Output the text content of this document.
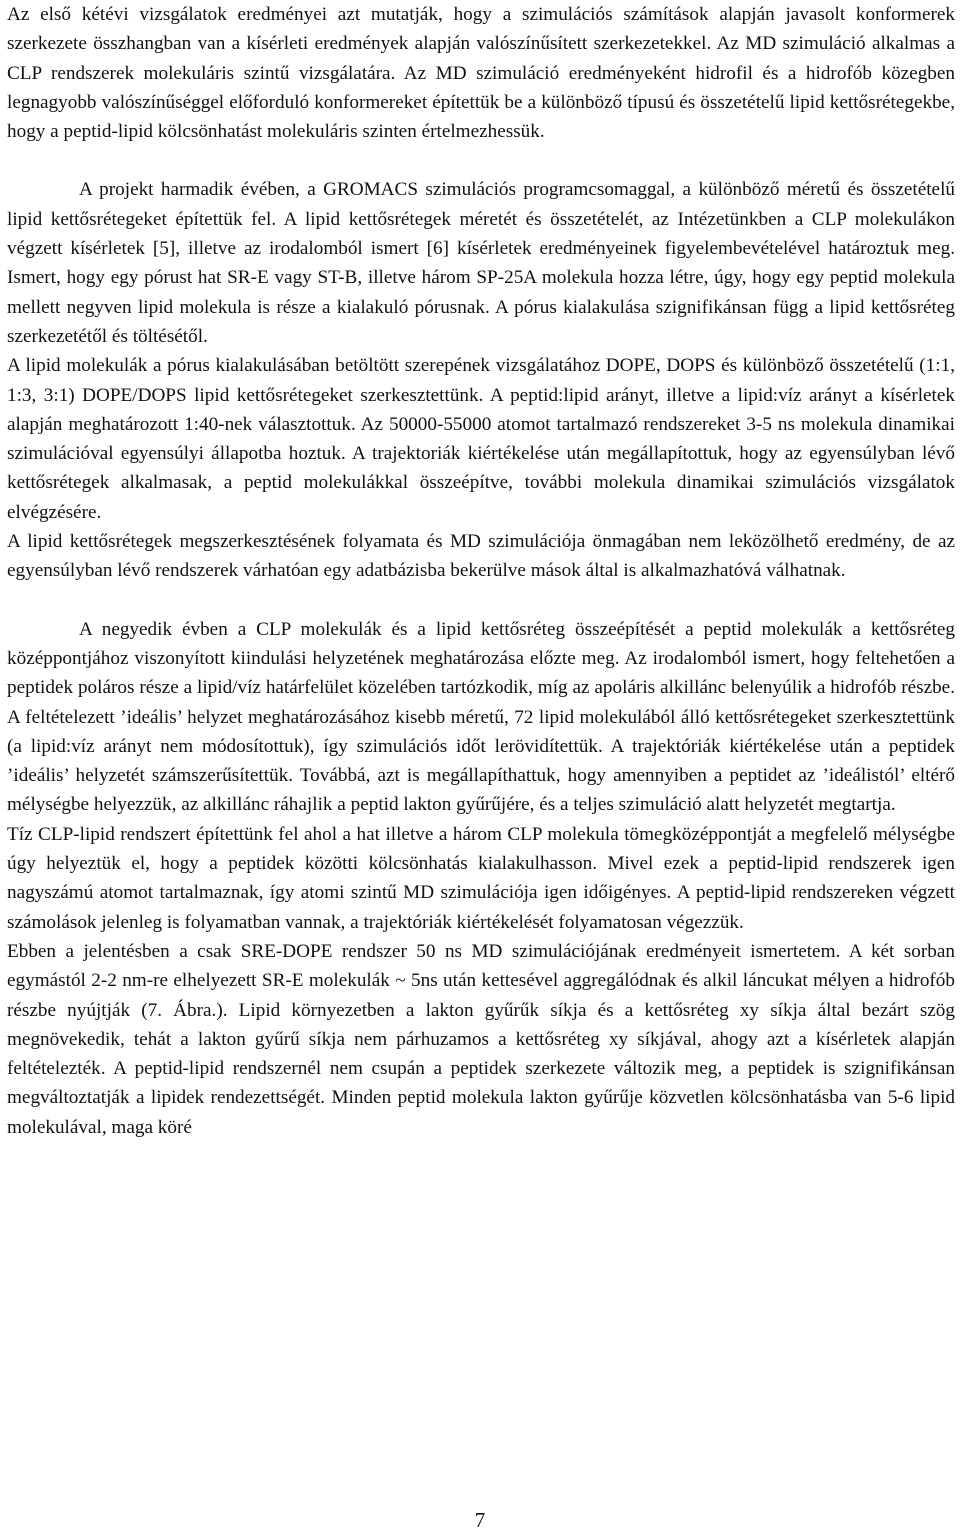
Az első kétévi vizsgálatok eredményei azt mutatják, hogy a szimulációs számítások alapján javasolt konformerek szerkezete összhangban van a kísérleti eredmények alapján valószínűsített szerkezetekkel. Az MD szimuláció alkalmas a CLP rendszerek molekuláris szintű vizsgálatára. Az MD szimuláció eredményeként hidrofil és a hidrofób közegben legnagyobb valószínűséggel előforduló konformereket építettük be a különböző típusú és összetételű lipid kettősrétegekbe, hogy a peptid-lipid kölcsönhatást molekuláris szinten értelmezhessük.

A projekt harmadik évében, a GROMACS szimulációs programcsomaggal, a különböző méretű és összetételű lipid kettősrétegeket építettük fel. A lipid kettősrétegek méretét és összetételét, az Intézetünkben a CLP molekulákon végzett kísérletek [5], illetve az irodalomból ismert [6] kísérletek eredményeinek figyelembevételével határoztuk meg. Ismert, hogy egy pórust hat SR-E vagy ST-B, illetve három SP-25A molekula hozza létre, úgy, hogy egy peptid molekula mellett negyven lipid molekula is része a kialakuló pórusnak. A pórus kialakulása szignifikánsan függ a lipid kettősréteg szerkezetétől és töltésétől.

A lipid molekulák a pórus kialakulásában betöltött szerepének vizsgálatához DOPE, DOPS és különböző összetételű (1:1, 1:3, 3:1) DOPE/DOPS lipid kettősrétegeket szerkesztettünk. A peptid:lipid arányt, illetve a lipid:víz arányt a kísérletek alapján meghatározott 1:40-nek választottuk. Az 50000-55000 atomot tartalmazó rendszereket 3-5 ns molekula dinamikai szimulációval egyensúlyi állapotba hoztuk. A trajektoriák kiértékelése után megállapítottuk, hogy az egyensúlyban lévő kettősrétegek alkalmasak, a peptid molekulákkal összeépítve, további molekula dinamikai szimulációs vizsgálatok elvégzésére.

A lipid kettősrétegek megszerkesztésének folyamata és MD szimulációja önmagában nem leközölhető eredmény, de az egyensúlyban lévő rendszerek várhatóan egy adatbázisba bekerülve mások által is alkalmazhatóvá válhatnak.

A negyedik évben a CLP molekulák és a lipid kettősréteg összeépítését a peptid molekulák a kettősréteg középpontjához viszonyított kiindulási helyzetének meghatározása előzte meg. Az irodalomból ismert, hogy feltehetően a peptidek poláros része a lipid/víz határfelület közelében tartózkodik, míg az apoláris alkillánc belenyúlik a hidrofób részbe. A feltételezett ’ideális’ helyzet meghatározásához kisebb méretű, 72 lipid molekulából álló kettősrétegeket szerkesztettünk (a lipid:víz arányt nem módosítottuk), így szimulációs időt lerövidítettük. A trajektóriák kiértékelése után a peptidek ’ideális’ helyzetét számszerűsítettük. Továbbá, azt is megállapíthattuk, hogy amennyiben a peptidet az ’ideálistól’ eltérő mélységbe helyezzük, az alkillánc ráhajlik a peptid lakton gyűrűjére, és a teljes szimuláció alatt helyzetét megtartja.

Tíz CLP-lipid rendszert építettünk fel ahol a hat illetve a három CLP molekula tömegközéppontját a megfelelő mélységbe úgy helyeztük el, hogy a peptidek közötti kölcsönhatás kialakulhasson. Mivel ezek a peptid-lipid rendszerek igen nagyszámú atomot tartalmaznak, így atomi szintű MD szimulációja igen időigényes. A peptid-lipid rendszereken végzett számolások jelenleg is folyamatban vannak, a trajektóriák kiértékelését folyamatosan végezzük.

Ebben a jelentésben a csak SRE-DOPE rendszer 50 ns MD szimulációjának eredményeit ismertetem. A két sorban egymástól 2-2 nm-re elhelyezett SR-E molekulák ~ 5ns után kettesével aggregálódnak és alkil láncukat mélyen a hidrofób részbe nyújtják (7. Ábra.). Lipid környezetben a lakton gyűrűk síkja és a kettősréteg xy síkja által bezárt szög megnövekedik, tehát a lakton gyűrű síkja nem párhuzamos a kettősréteg xy síkjával, ahogy azt a kísérletek alapján feltételezték. A peptid-lipid rendszernél nem csupán a peptidek szerkezete változik meg, a peptidek is szignifikánsan megváltoztatják a lipidek rendezettségét. Minden peptid molekula lakton gyűrűje közvetlen kölcsönhatásba van 5-6 lipid molekulával, maga köré

7
